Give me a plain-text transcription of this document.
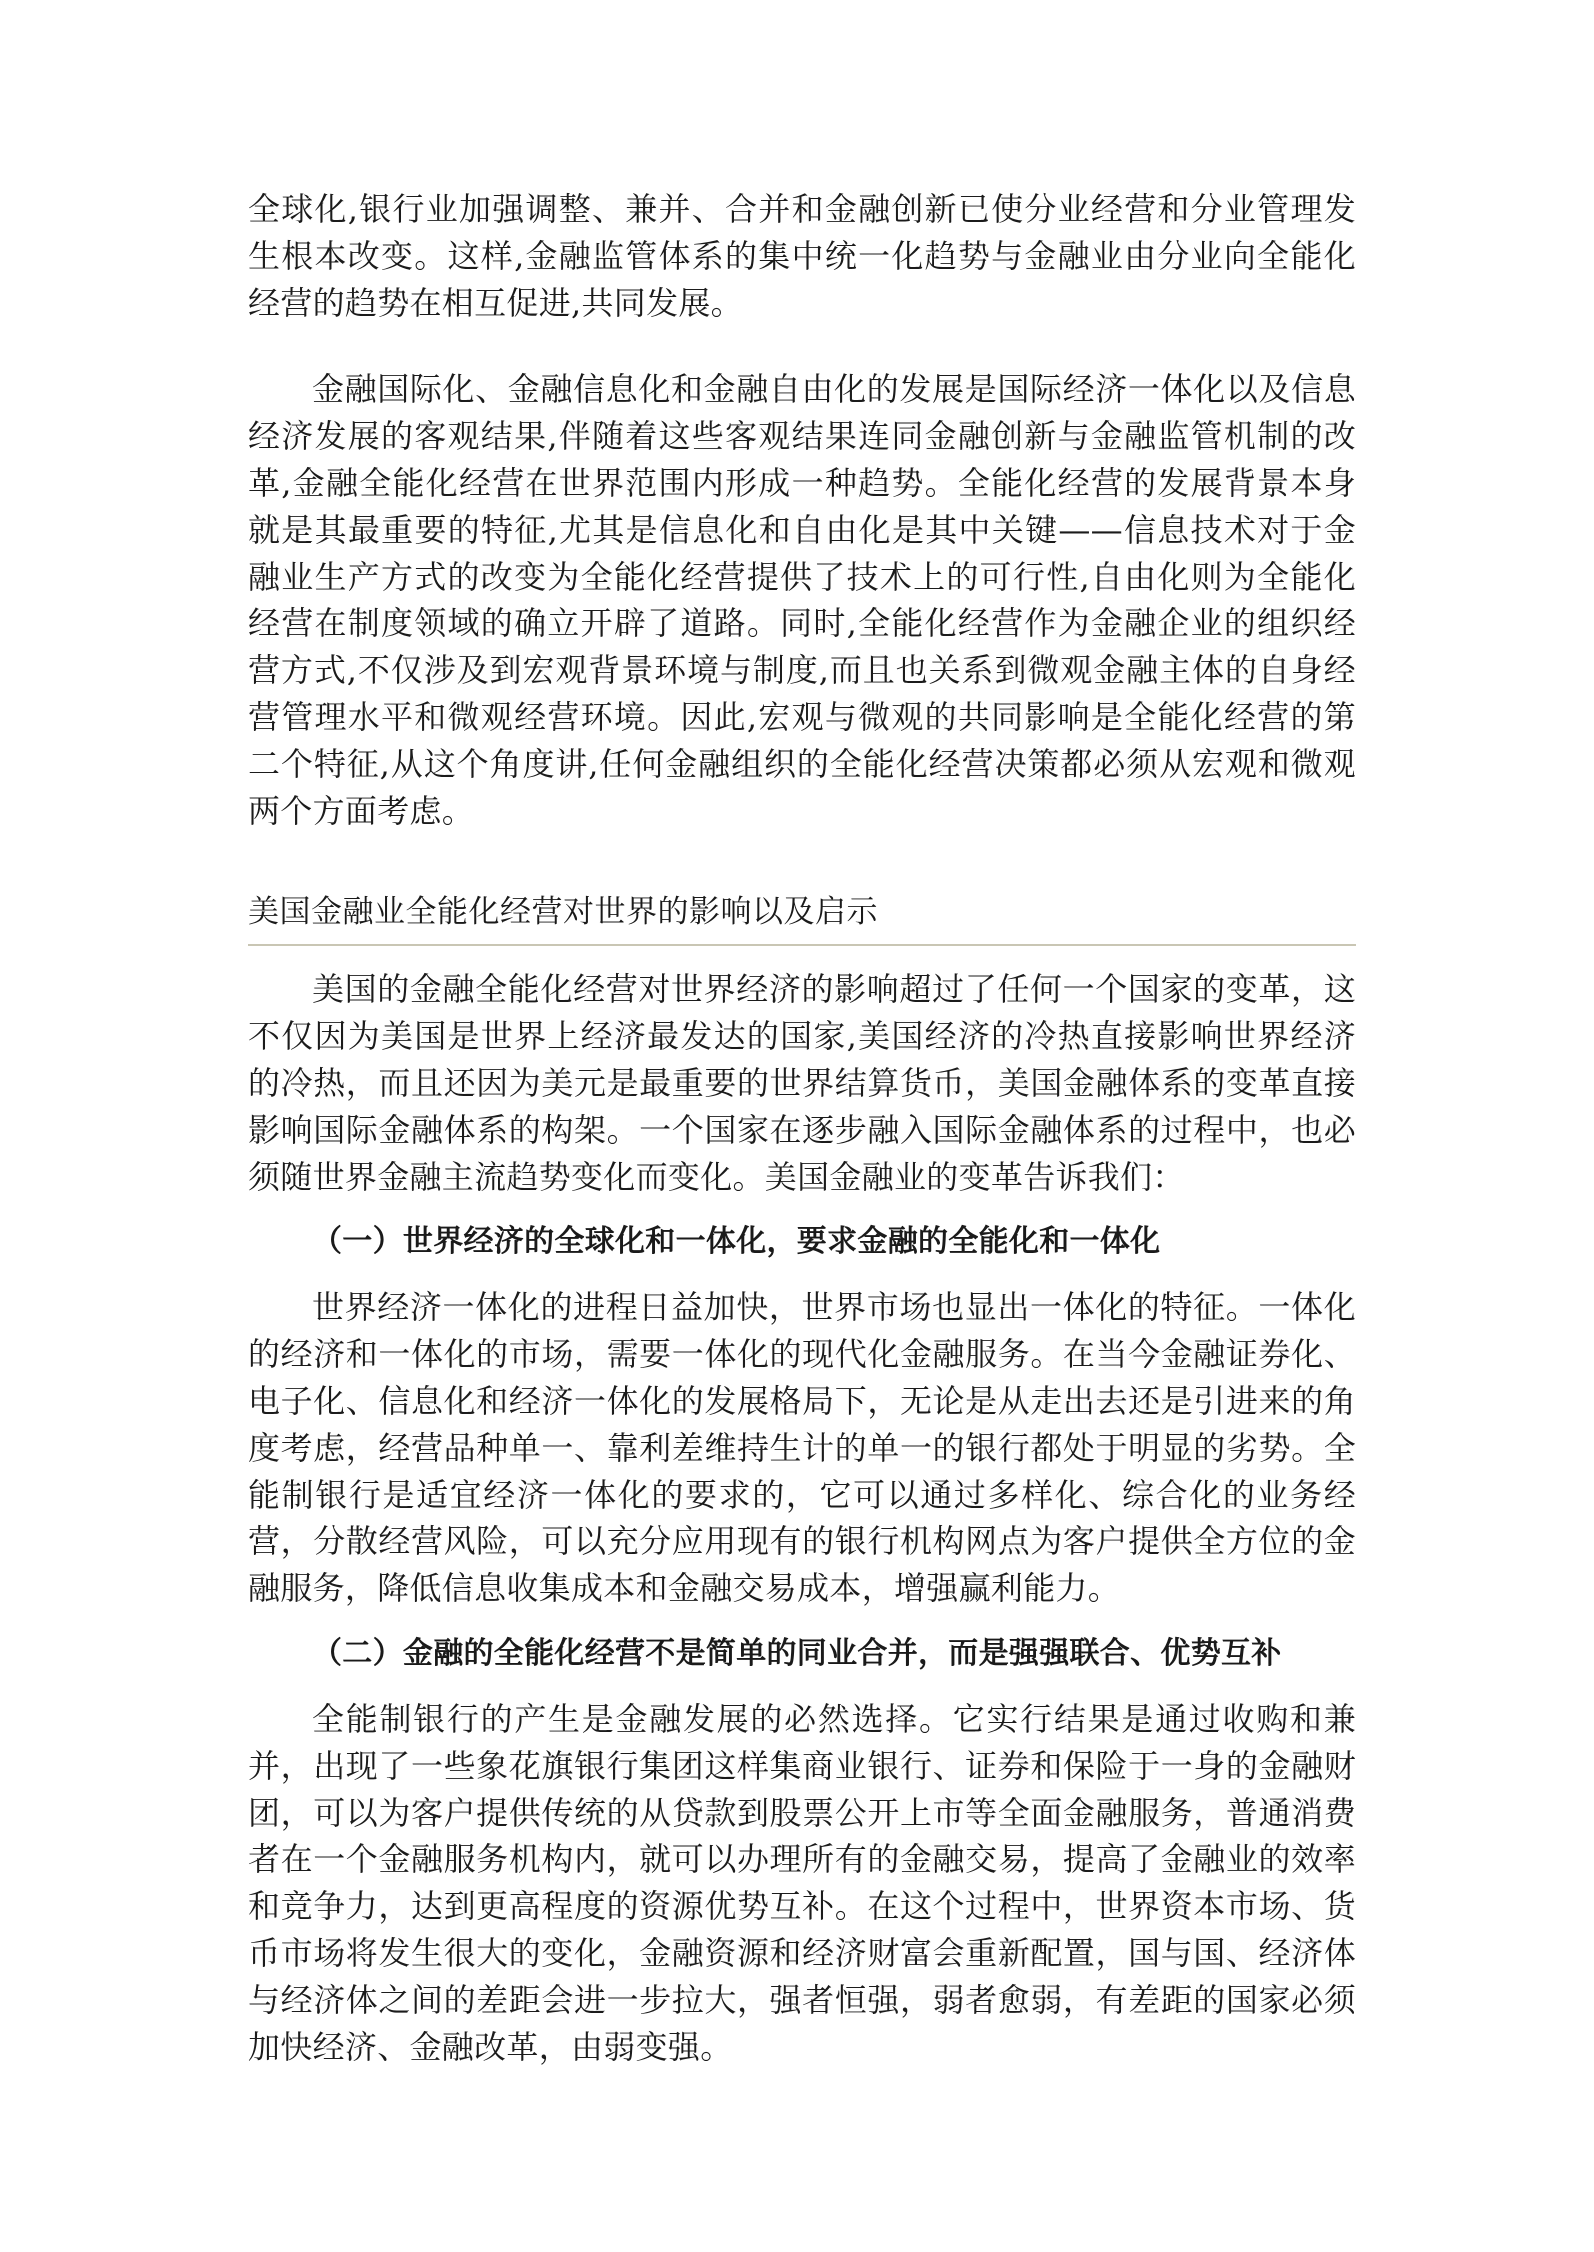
全球化,银行业加强调整、兼并、合并和金融创新已使分业经营和分业管理发生根本改变。这样,金融监管体系的集中统一化趋势与金融业由分业向全能化经营的趋势在相互促进,共同发展。

金融国际化、金融信息化和金融自由化的发展是国际经济一体化以及信息经济发展的客观结果,伴随着这些客观结果连同金融创新与金融监管机制的改革,金融全能化经营在世界范围内形成一种趋势。全能化经营的发展背景本身就是其最重要的特征,尤其是信息化和自由化是其中关键——信息技术对于金融业生产方式的改变为全能化经营提供了技术上的可行性,自由化则为全能化经营在制度领域的确立开辟了道路。同时,全能化经营作为金融企业的组织经营方式,不仅涉及到宏观背景环境与制度,而且也关系到微观金融主体的自身经营管理水平和微观经营环境。因此,宏观与微观的共同影响是全能化经营的第二个特征,从这个角度讲,任何金融组织的全能化经营决策都必须从宏观和微观两个方面考虑。

美国金融业全能化经营对世界的影响以及启示

美国的金融全能化经营对世界经济的影响超过了任何一个国家的变革，这不仅因为美国是世界上经济最发达的国家,美国经济的冷热直接影响世界经济的冷热，而且还因为美元是最重要的世界结算货币，美国金融体系的变革直接影响国际金融体系的构架。一个国家在逐步融入国际金融体系的过程中，也必须随世界金融主流趋势变化而变化。美国金融业的变革告诉我们：

（一）世界经济的全球化和一体化，要求金融的全能化和一体化

世界经济一体化的进程日益加快，世界市场也显出一体化的特征。一体化的经济和一体化的市场，需要一体化的现代化金融服务。在当今金融证券化、电子化、信息化和经济一体化的发展格局下，无论是从走出去还是引进来的角度考虑，经营品种单一、靠利差维持生计的单一的银行都处于明显的劣势。全能制银行是适宜经济一体化的要求的，它可以通过多样化、综合化的业务经营，分散经营风险，可以充分应用现有的银行机构网点为客户提供全方位的金融服务，降低信息收集成本和金融交易成本，增强赢利能力。

（二）金融的全能化经营不是简单的同业合并，而是强强联合、优势互补

全能制银行的产生是金融发展的必然选择。它实行结果是通过收购和兼并，出现了一些象花旗银行集团这样集商业银行、证券和保险于一身的金融财团，可以为客户提供传统的从贷款到股票公开上市等全面金融服务，普通消费者在一个金融服务机构内，就可以办理所有的金融交易，提高了金融业的效率和竞争力，达到更高程度的资源优势互补。在这个过程中，世界资本市场、货币市场将发生很大的变化，金融资源和经济财富会重新配置，国与国、经济体与经济体之间的差距会进一步拉大，强者恒强，弱者愈弱，有差距的国家必须加快经济、金融改革，由弱变强。
